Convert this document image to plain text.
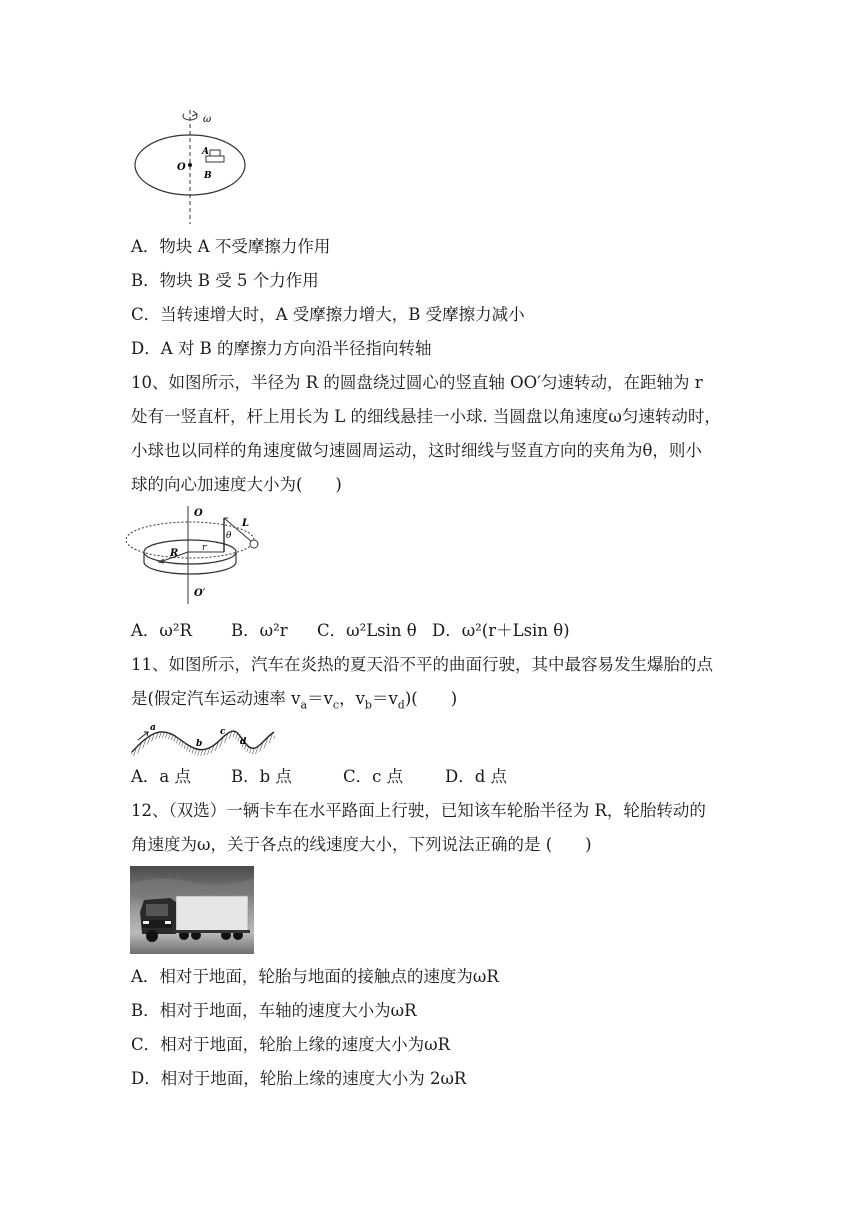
ω
O
A
B
A．物块 A 不受摩擦力作用
B．物块 B 受 5 个力作用
C．当转速增大时，A 受摩擦力增大，B 受摩擦力减小
D．A 对 B 的摩擦力方向沿半径指向转轴
10、如图所示，半径为 R 的圆盘绕过圆心的竖直轴 OO′匀速转动，在距轴为 r
处有一竖直杆，杆上用长为 L 的细线悬挂一小球. 当圆盘以角速度ω匀速转动时，
小球也以同样的角速度做匀速圆周运动，这时细线与竖直方向的夹角为θ，则小
球的向心加速度大小为(　　)
O
O′
θ
L
R	r
A．ω²R B．ω²r C．ω²Lsin θ D．ω²(r＋Lsin θ)
11、如图所示，汽车在炎热的夏天沿不平的曲面行驶，其中最容易发生爆胎的点
是(假定汽车运动速率 $v_a=v_c$，$v_b=v_d$)(　　)
a
b
c
d
A．a 点 B．b 点	C．c 点	D．d 点
12、（双选）一辆卡车在水平路面上行驶，已知该车轮胎半径为 R，轮胎转动的
角速度为ω，关于各点的线速度大小，下列说法正确的是 (　　)
A．相对于地面，轮胎与地面的接触点的速度为ωR
B．相对于地面，车轴的速度大小为ωR
C．相对于地面，轮胎上缘的速度大小为ωR
D．相对于地面，轮胎上缘的速度大小为 2ωR
